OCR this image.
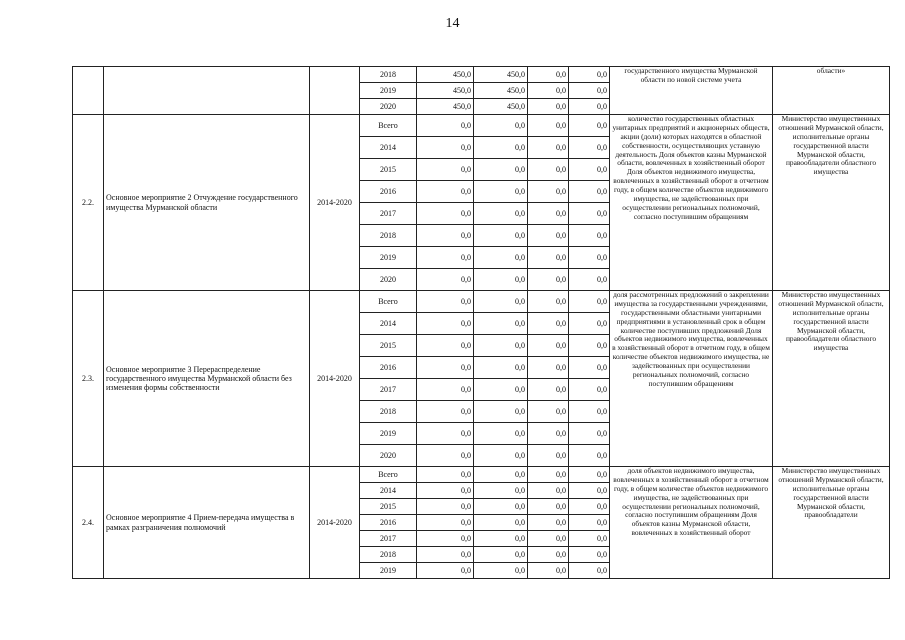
14
			2018	450,0	450,0	0,0	0,0	государственного имущества Мурманской области по новой системе учета	области»
			2019	450,0	450,0	0,0	0,0		
			2020	450,0	450,0	0,0	0,0		
2.2.	Основное мероприятие 2 Отчуждение государственного имущества Мурманской области	2014-2020	Всего	0,0	0,0	0,0	0,0	количество государственных областных унитарных предприятий и акционерных обществ, акции (доли) которых находятся в областной собственности, осуществляющих уставную деятельность Доля объектов казны Мурманской области, вовлеченных в хозяйственный оборот Доля объектов недвижимого имущества, вовлеченных в хозяйственный оборот в отчетном году, в общем количестве объектов недвижимого имущества, не задействованных при осуществлении региональных полномочий, согласно поступившим обращениям	Министерство имущественных отношений Мурманской области, исполнительные органы государственной власти Мурманской области, правообладатели областного имущества
			2014	0,0	0,0	0,0	0,0		
			2015	0,0	0,0	0,0	0,0		
			2016	0,0	0,0	0,0	0,0		
			2017	0,0	0,0	0,0	0,0		
			2018	0,0	0,0	0,0	0,0		
			2019	0,0	0,0	0,0	0,0		
			2020	0,0	0,0	0,0	0,0		
2.3.	Основное мероприятие 3 Перераспределение государственного имущества Мурманской области без изменения формы собственности	2014-2020	Всего	0,0	0,0	0,0	0,0	доля рассмотренных предложений о закреплении имущества за государственными учреждениями, государственными областными унитарными предприятиями в установленный срок в общем количестве поступивших предложений Доля объектов недвижимого имущества, вовлеченных в хозяйственный оборот в отчетном году, в общем количестве объектов недвижимого имущества, не задействованных при осуществлении региональных полномочий, согласно поступившим обращениям	Министерство имущественных отношений Мурманской области, исполнительные органы государственной власти Мурманской области, правообладатели областного имущества
			2014	0,0	0,0	0,0	0,0		
			2015	0,0	0,0	0,0	0,0		
			2016	0,0	0,0	0,0	0,0		
			2017	0,0	0,0	0,0	0,0		
			2018	0,0	0,0	0,0	0,0		
			2019	0,0	0,0	0,0	0,0		
			2020	0,0	0,0	0,0	0,0		
2.4.	Основное мероприятие 4 Прием-передача имущества в рамках разграничения полномочий	2014-2020	Всего	0,0	0,0	0,0	0,0	доля объектов недвижимого имущества, вовлеченных в хозяйственный оборот в отчетном году, в общем количестве объектов недвижимого имущества, не задействованных при осуществлении региональных полномочий, согласно поступившим обращениям Доля объектов казны Мурманской области, вовлеченных в хозяйственный оборот	Министерство имущественных отношений Мурманской области, исполнительные органы государственной власти Мурманской области, правообладатели
			2014	0,0	0,0	0,0	0,0		
			2015	0,0	0,0	0,0	0,0		
			2016	0,0	0,0	0,0	0,0		
			2017	0,0	0,0	0,0	0,0		
			2018	0,0	0,0	0,0	0,0		
			2019	0,0	0,0	0,0	0,0		
